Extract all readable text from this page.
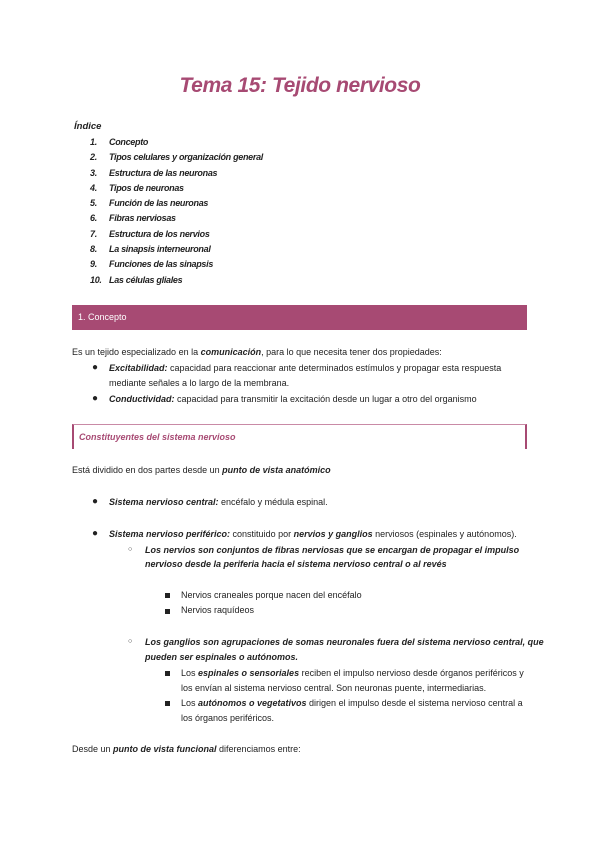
Tema 15: Tejido nervioso
Índice
1. Concepto
2. Tipos celulares y organización general
3. Estructura de las neuronas
4. Tipos de neuronas
5. Función de las neuronas
6. Fibras nerviosas
7. Estructura de los nervios
8. La sinapsis interneuronal
9. Funciones de las sinapsis
10. Las células gliales
1. Concepto
Es un tejido especializado en la comunicación, para lo que necesita tener dos propiedades:
● Excitabilidad: capacidad para reaccionar ante determinados estímulos y propagar esta respuesta
mediante señales a lo largo de la membrana.
● Conductividad: capacidad para transmitir la excitación desde un lugar a otro del organismo
Constituyentes del sistema nervioso
Está dividido en dos partes desde un punto de vista anatómico
● Sistema nervioso central: encéfalo y médula espinal.
● Sistema nervioso periférico: constituido por nervios y ganglios nerviosos (espinales y autónomos).
○ Los nervios son conjuntos de fibras nerviosas que se encargan de propagar el impulso
nervioso desde la periferia hacia el sistema nervioso central o al revés
Nervios craneales porque nacen del encéfalo
Nervios raquídeos
○ Los ganglios son agrupaciones de somas neuronales fuera del sistema nervioso central, que
pueden ser espinales o autónomos.
Los espinales o sensoriales reciben el impulso nervioso desde órganos periféricos y
los envían al sistema nervioso central. Son neuronas puente, intermediarias.
Los autónomos o vegetativos dirigen el impulso desde el sistema nervioso central a
los órganos periféricos.
Desde un punto de vista funcional diferenciamos entre:
